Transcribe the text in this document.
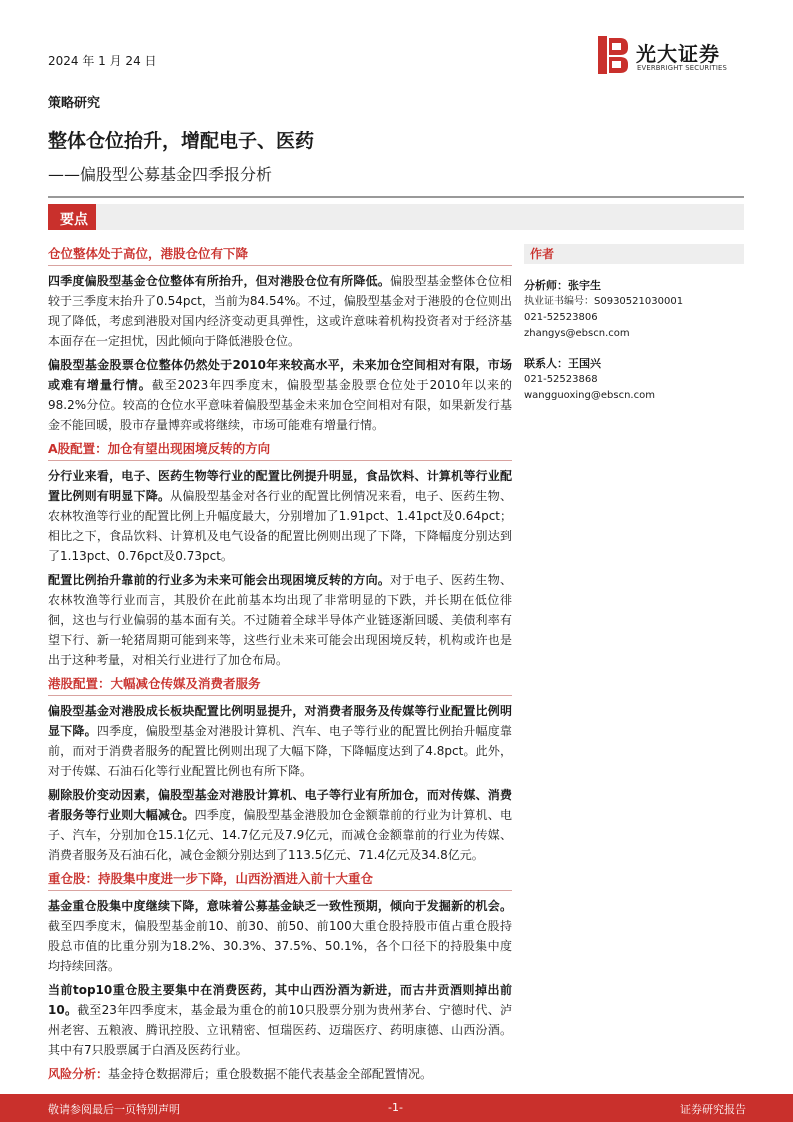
2024 年 1 月 24 日
策略研究
整体仓位抬升，增配电子、医药
——偏股型公募基金四季报分析
光大证券
EVERBRIGHT SECURITIES
要点
仓位整体处于高位，港股仓位有下降

四季度偏股型基金仓位整体有所抬升，但对港股仓位有所降低。偏股型基金整体仓位相较于三季度末抬升了0.54pct，当前为84.54%。不过，偏股型基金对于港股的仓位则出现了降低，考虑到港股对国内经济变动更具弹性，这或许意味着机构投资者对于经济基本面存在一定担忧，因此倾向于降低港股仓位。

偏股型基金股票仓位整体仍然处于2010年来较高水平，未来加仓空间相对有限，市场或难有增量行情。截至2023年四季度末，偏股型基金股票仓位处于2010年以来的98.2%分位。较高的仓位水平意味着偏股型基金未来加仓空间相对有限，如果新发行基金不能回暖，股市存量博弈或将继续，市场可能难有增量行情。

A股配置：加仓有望出现困境反转的方向

分行业来看，电子、医药生物等行业的配置比例提升明显，食品饮料、计算机等行业配置比例则有明显下降。从偏股型基金对各行业的配置比例情况来看，电子、医药生物、农林牧渔等行业的配置比例上升幅度最大，分别增加了1.91pct、1.41pct及0.64pct；相比之下，食品饮料、计算机及电气设备的配置比例则出现了下降，下降幅度分别达到了1.13pct、0.76pct及0.73pct。

配置比例抬升靠前的行业多为未来可能会出现困境反转的方向。对于电子、医药生物、农林牧渔等行业而言，其股价在此前基本均出现了非常明显的下跌，并长期在低位徘徊，这也与行业偏弱的基本面有关。不过随着全球半导体产业链逐渐回暖、美债利率有望下行、新一轮猪周期可能到来等，这些行业未来可能会出现困境反转，机构或许也是出于这种考量，对相关行业进行了加仓布局。

港股配置：大幅减仓传媒及消费者服务

偏股型基金对港股成长板块配置比例明显提升，对消费者服务及传媒等行业配置比例明显下降。四季度，偏股型基金对港股计算机、汽车、电子等行业的配置比例抬升幅度靠前，而对于消费者服务的配置比例则出现了大幅下降，下降幅度达到了4.8pct。此外，对于传媒、石油石化等行业配置比例也有所下降。

剔除股价变动因素，偏股型基金对港股计算机、电子等行业有所加仓，而对传媒、消费者服务等行业则大幅减仓。四季度，偏股型基金港股加仓金额靠前的行业为计算机、电子、汽车，分别加仓15.1亿元、14.7亿元及7.9亿元，而减仓金额靠前的行业为传媒、消费者服务及石油石化，减仓金额分别达到了113.5亿元、71.4亿元及34.8亿元。

重仓股：持股集中度进一步下降，山西汾酒进入前十大重仓

基金重仓股集中度继续下降，意味着公募基金缺乏一致性预期，倾向于发掘新的机会。截至四季度末，偏股型基金前10、前30、前50、前100大重仓股持股市值占重仓股持股总市值的比重分别为18.2%、30.3%、37.5%、50.1%，各个口径下的持股集中度均持续回落。

当前top10重仓股主要集中在消费医药，其中山西汾酒为新进，而古井贡酒则掉出前10。截至23年四季度末，基金最为重仓的前10只股票分别为贵州茅台、宁德时代、泸州老窖、五粮液、腾讯控股、立讯精密、恒瑞医药、迈瑞医疗、药明康德、山西汾酒。其中有7只股票属于白酒及医药行业。

风险分析：基金持仓数据滞后；重仓股数据不能代表基金全部配置情况。

作者
分析师：张宇生
执业证书编号：S0930521030001
021-52523806
zhangys@ebscn.com
联系人：王国兴
021-52523868
wangguoxing@ebscn.com
敬请参阅最后一页特别声明	-1-	证券研究报告
